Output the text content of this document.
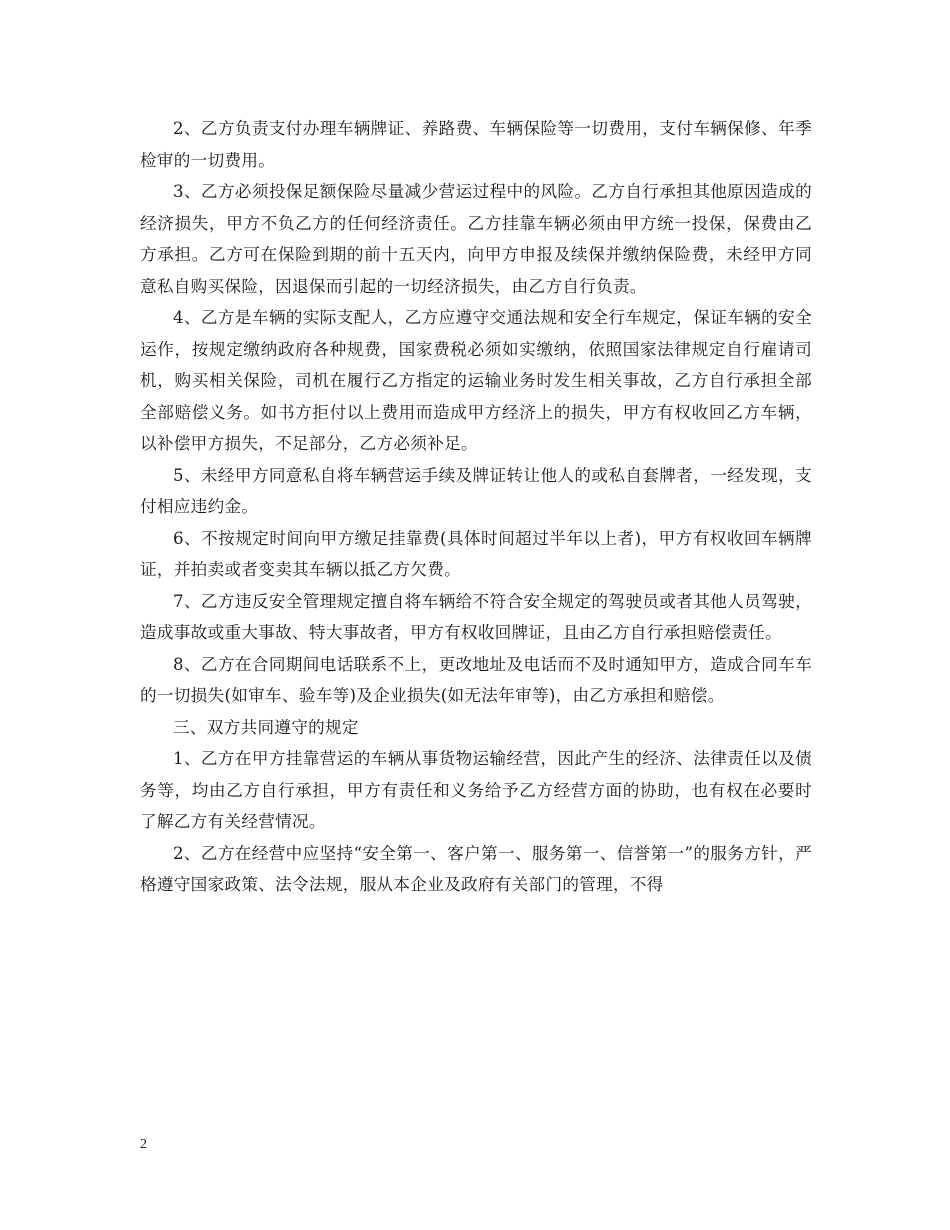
2、乙方负责支付办理车辆牌证、养路费、车辆保险等一切费用，支付车辆保修、年季检审的一切费用。

3、乙方必须投保足额保险尽量减少营运过程中的风险。乙方自行承担其他原因造成的经济损失，甲方不负乙方的任何经济责任。乙方挂靠车辆必须由甲方统一投保，保费由乙方承担。乙方可在保险到期的前十五天内，向甲方申报及续保并缴纳保险费，未经甲方同意私自购买保险，因退保而引起的一切经济损失，由乙方自行负责。

4、乙方是车辆的实际支配人，乙方应遵守交通法规和安全行车规定，保证车辆的安全运作，按规定缴纳政府各种规费，国家费税必须如实缴纳，依照国家法律规定自行雇请司机，购买相关保险，司机在履行乙方指定的运输业务时发生相关事故，乙方自行承担全部全部赔偿义务。如书方拒付以上费用而造成甲方经济上的损失，甲方有权收回乙方车辆，以补偿甲方损失，不足部分，乙方必须补足。

5、未经甲方同意私自将车辆营运手续及牌证转让他人的或私自套牌者，一经发现，支付相应违约金。

6、不按规定时间向甲方缴足挂靠费(具体时间超过半年以上者)，甲方有权收回车辆牌证，并拍卖或者变卖其车辆以抵乙方欠费。

7、乙方违反安全管理规定擅自将车辆给不符合安全规定的驾驶员或者其他人员驾驶，造成事故或重大事故、特大事故者，甲方有权收回牌证，且由乙方自行承担赔偿责任。

8、乙方在合同期间电话联系不上，更改地址及电话而不及时通知甲方，造成合同车车的一切损失(如审车、验车等)及企业损失(如无法年审等)，由乙方承担和赔偿。

三、双方共同遵守的规定

1、乙方在甲方挂靠营运的车辆从事货物运输经营，因此产生的经济、法律责任以及债务等，均由乙方自行承担，甲方有责任和义务给予乙方经营方面的协助，也有权在必要时了解乙方有关经营情况。

2、乙方在经营中应坚持“安全第一、客户第一、服务第一、信誉第一”的服务方针，严格遵守国家政策、法令法规，服从本企业及政府有关部门的管理，不得

2
